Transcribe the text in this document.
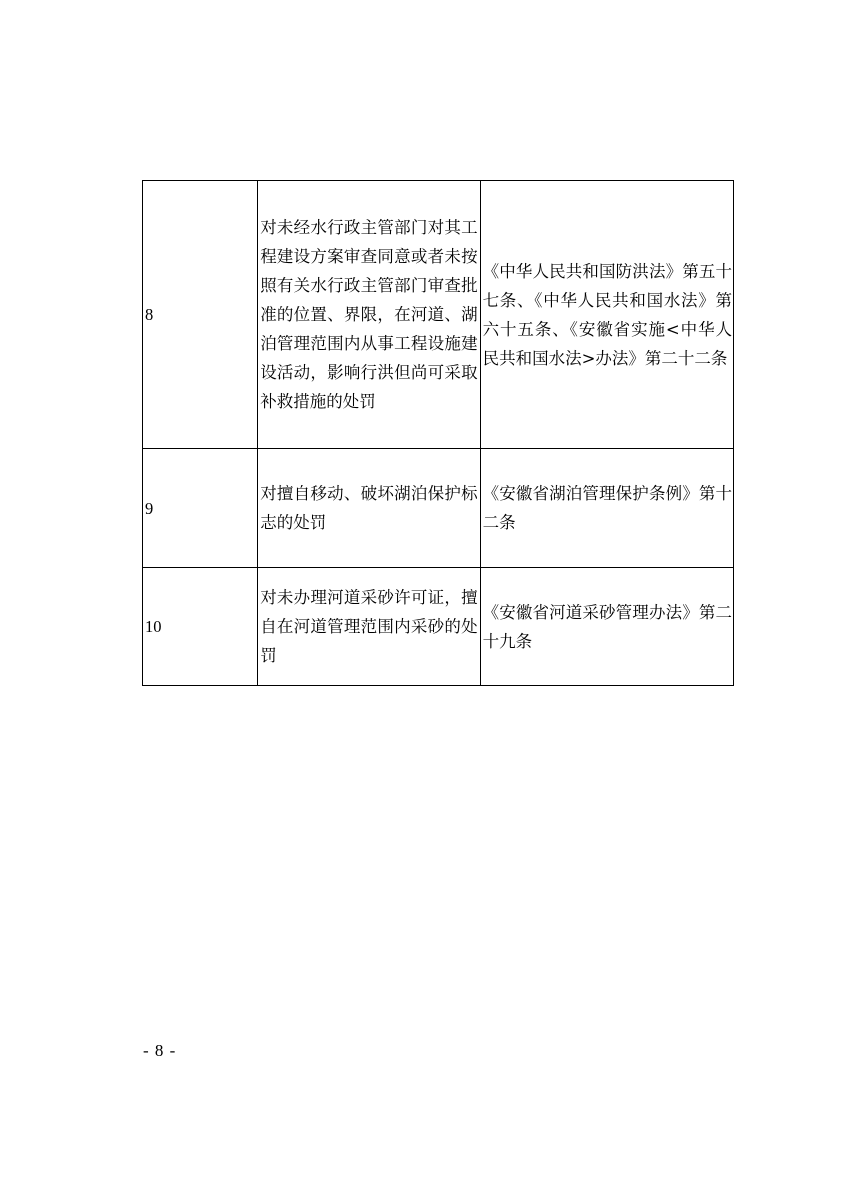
8	对未经水行政主管部门对其工程建设方案审查同意或者未按照有关水行政主管部门审查批准的位置、界限，在河道、湖泊管理范围内从事工程设施建设活动，影响行洪但尚可采取补救措施的处罚	《中华人民共和国防洪法》第五十七条、《中华人民共和国水法》第六十五条、《安徽省实施<中华人民共和国水法>办法》第二十二条
9	对擅自移动、破坏湖泊保护标志的处罚	《安徽省湖泊管理保护条例》第十二条
10	对未办理河道采砂许可证，擅自在河道管理范围内采砂的处罚	《安徽省河道采砂管理办法》第二十九条
- 8 -
